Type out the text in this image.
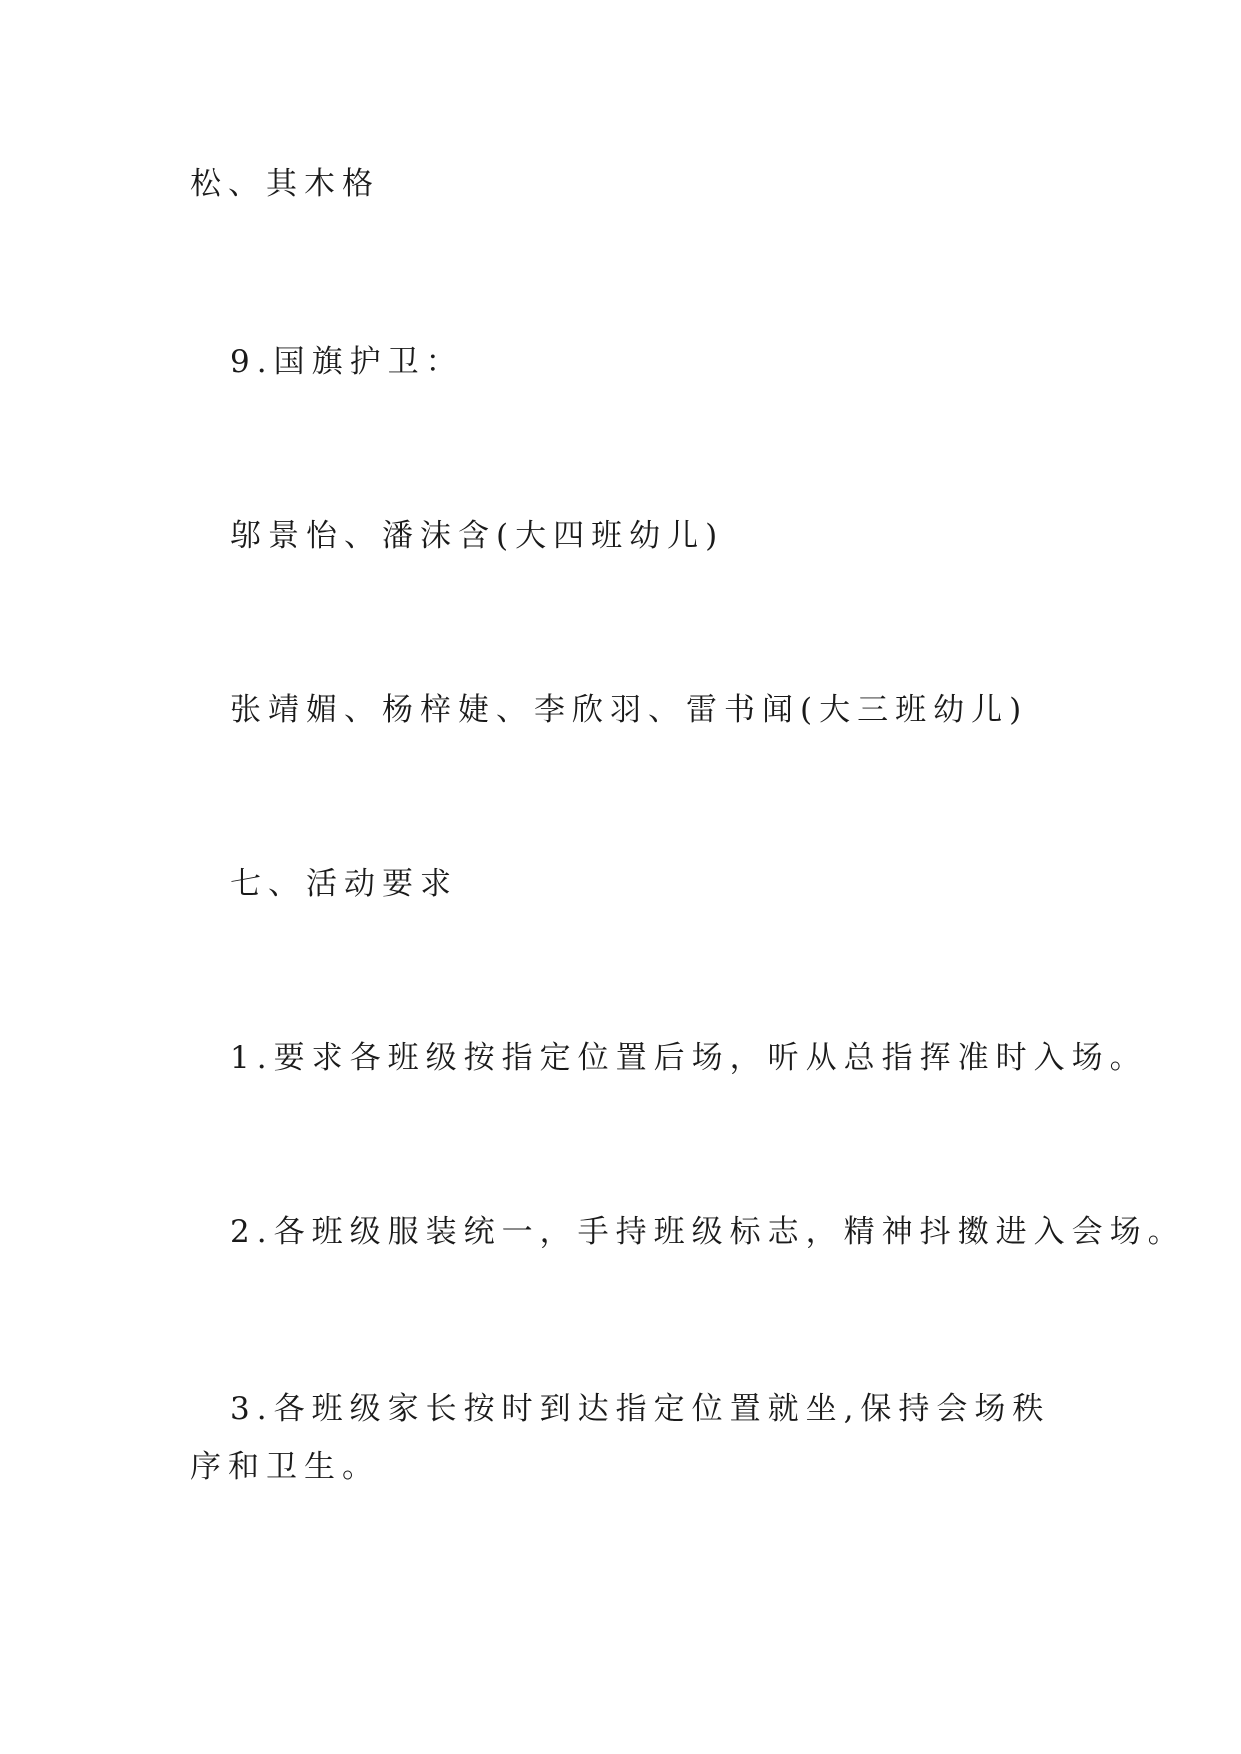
松、其木格
9.国旗护卫：
邬景怡、潘沫含(大四班幼儿)
张靖媚、杨梓婕、李欣羽、雷书闻(大三班幼儿)
七、活动要求
1.要求各班级按指定位置后场，听从总指挥准时入场。
2.各班级服装统一，手持班级标志，精神抖擞进入会场。
3.各班级家长按时到达指定位置就坐,保持会场秩序和卫生。
